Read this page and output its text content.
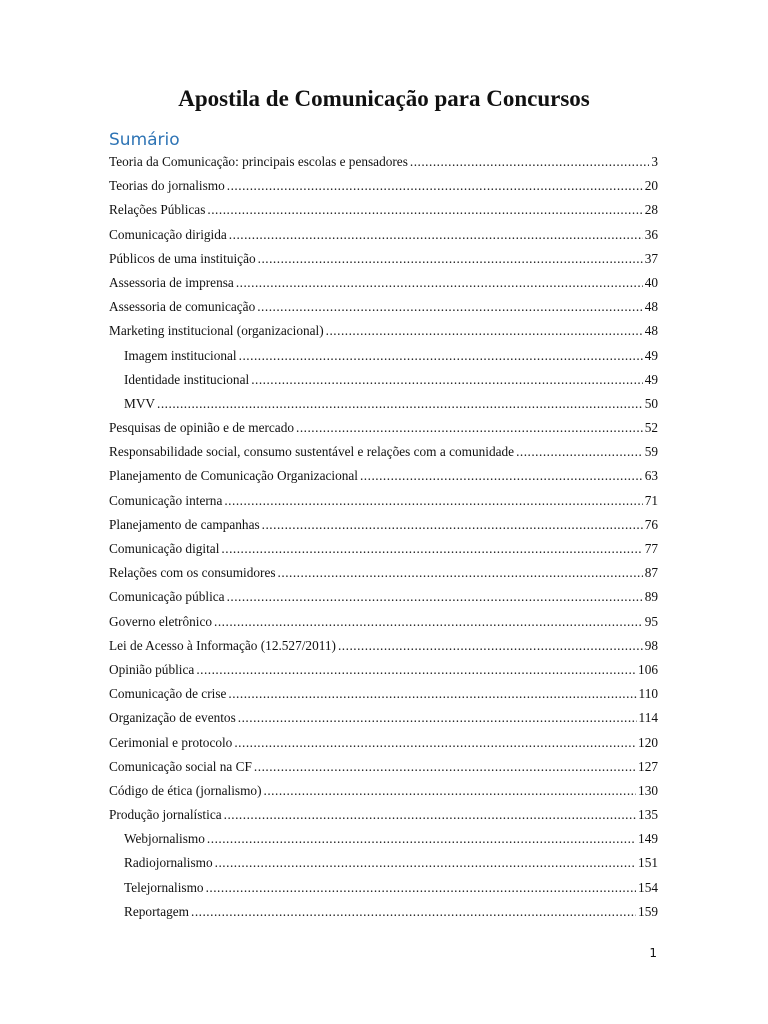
Apostila de Comunicação para Concursos
Sumário
Teoria da Comunicação: principais escolas e pensadores .....	3
Teorias do jornalismo .....	20
Relações Públicas .....	28
Comunicação dirigida .....	36
Públicos de uma instituição .....	37
Assessoria de imprensa .....	40
Assessoria de comunicação .....	48
Marketing institucional (organizacional) .....	48
Imagem institucional .....	49
Identidade institucional .....	49
MVV .....	50
Pesquisas de opinião e de mercado .....	52
Responsabilidade social, consumo sustentável e relações com a comunidade .....	59
Planejamento de Comunicação Organizacional .....	63
Comunicação interna .....	71
Planejamento de campanhas .....	76
Comunicação digital .....	77
Relações com os consumidores .....	87
Comunicação pública .....	89
Governo eletrônico .....	95
Lei de Acesso à Informação (12.527/2011) .....	98
Opinião pública .....	106
Comunicação de crise .....	110
Organização de eventos .....	114
Cerimonial e protocolo .....	120
Comunicação social na CF .....	127
Código de ética (jornalismo) .....	130
Produção jornalística .....	135
Webjornalismo .....	149
Radiojornalismo .....	151
Telejornalismo .....	154
Reportagem .....	159
1
